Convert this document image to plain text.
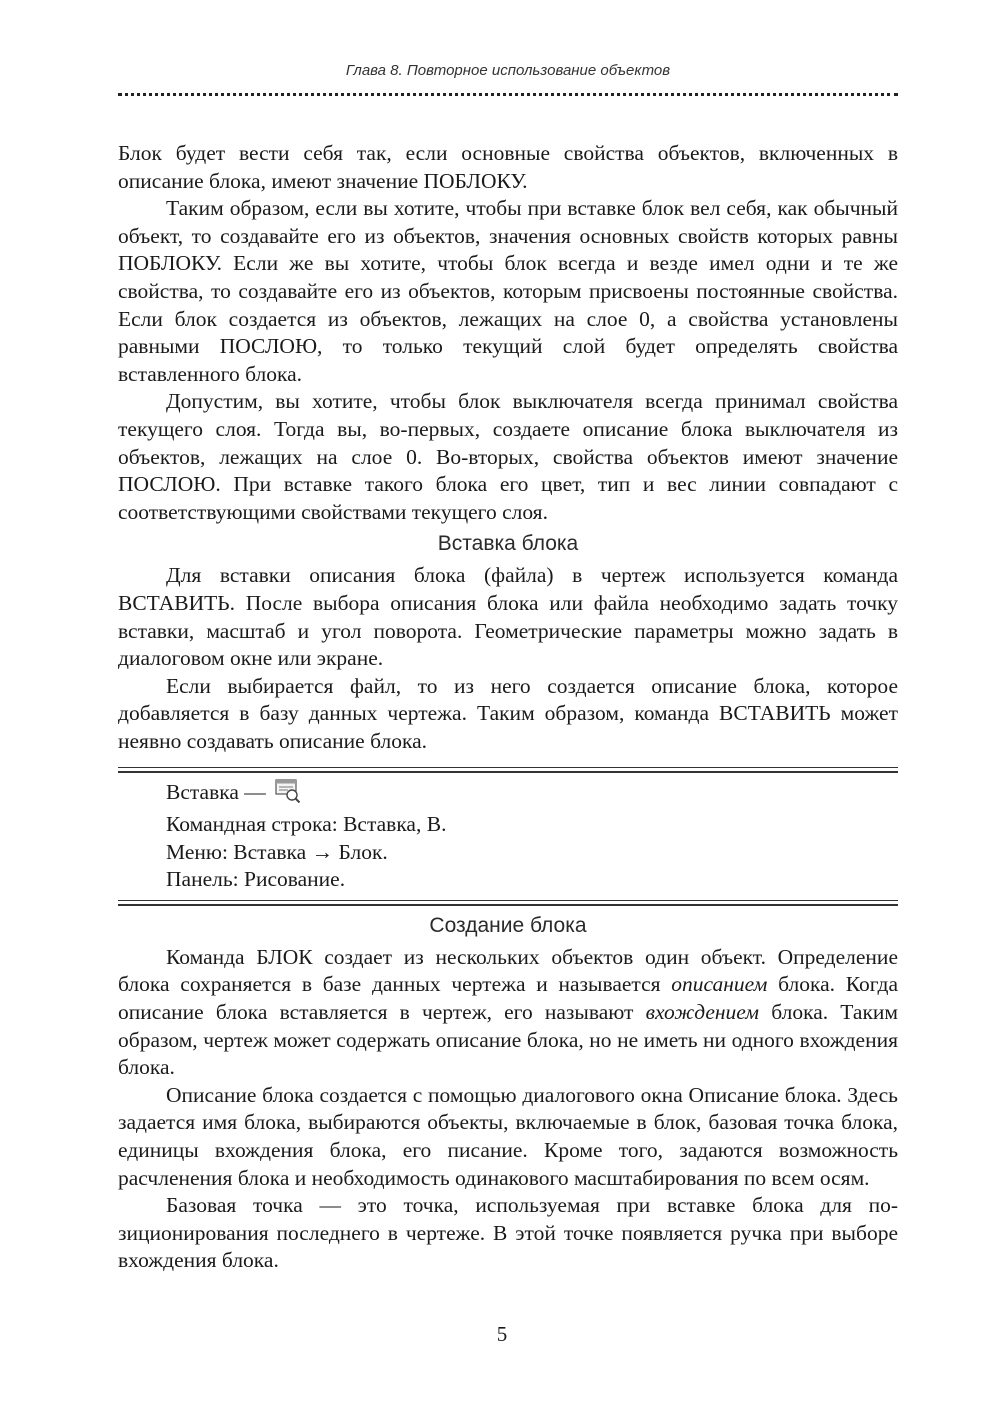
Глава 8. Повторное использование объектов

Блок будет вести себя так, если основные свойства объектов, включенных в описание блока, имеют значение ПОБЛОКУ.

Таким образом, если вы хотите, чтобы при вставке блок вел себя, как обычный объект, то создавайте его из объектов, значения основных свойств которых равны ПОБЛОКУ. Если же вы хотите, чтобы блок всегда и везде имел одни и те же свойства, то создавайте его из объектов, которым присвоены постоянные свойства. Если блок создается из объектов, лежащих на слое 0, а свойства установлены равными ПОСЛОЮ, то только текущий слой будет определять свойства вставленного блока.

Допустим, вы хотите, чтобы блок выключателя всегда принимал свойства текущего слоя. Тогда вы, во-первых, создаете описание блока выключателя из объектов, лежащих на слое 0. Во-вторых, свойства объектов имеют значение ПОСЛОЮ. При вставке такого блока его цвет, тип и вес линии совпадают с соответствующими свойствами текущего слоя.

Вставка блока

Для вставки описания блока (файла) в чертеж используется команда ВСТАВИТЬ. После выбора описания блока или файла необходимо задать точку вставки, масштаб и угол поворота. Геометрические параметры можно задать в диалоговом окне или экране.

Если выбирается файл, то из него создается описание блока, которое добавляется в базу данных чертежа. Таким образом, команда ВСТАВИТЬ может неявно создавать описание блока.

Вставка —
Командная строка: Вставка, В.
Меню: Вставка → Блок.
Панель: Рисование.
Создание блока

Команда БЛОК создает из нескольких объектов один объект. Определение блока сохраняется в базе данных чертежа и называется описанием блока. Когда описание блока вставляется в чертеж, его называют вхождением блока. Таким образом, чертеж может содержать описание блока, но не иметь ни одного вхождения блока.

Описание блока создается с помощью диалогового окна Описание блока. Здесь задается имя блока, выбираются объекты, включаемые в блок, базовая точка блока, единицы вхождения блока, его писание. Кроме того, задаются возможность расчленения блока и необходимость одинакового масштабирования по всем осям.

Базовая точка — это точка, используемая при вставке блока для позиционирования последнего в чертеже. В этой точке появляется ручка при выборе вхождения блока.

5
